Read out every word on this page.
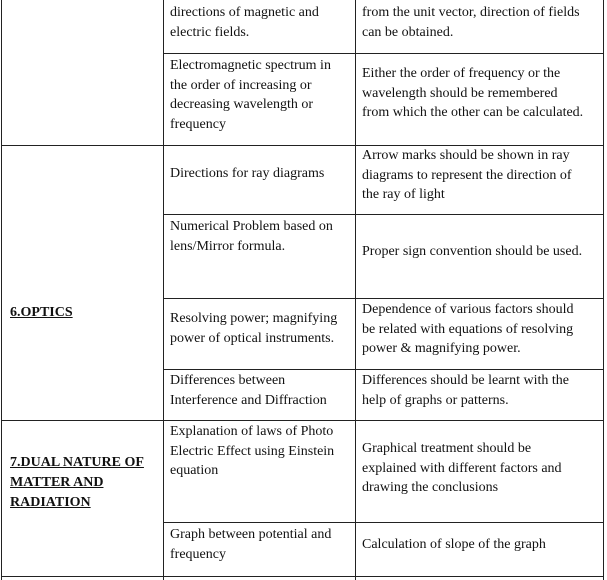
6.OPTICS
7.DUAL NATURE OF
MATTER AND
RADIATION
directions of magnetic and
electric fields.
from the unit vector, direction of fields
can be obtained.
Electromagnetic spectrum in
the order of increasing or
decreasing wavelength or
frequency
Either the order of frequency or the
wavelength should be remembered
from which the other can be calculated.
Directions for ray diagrams
Arrow marks should be shown in ray
diagrams to represent the direction of
the ray of light
Numerical Problem based on
lens/Mirror formula.	Proper sign convention should be used.
Resolving power; magnifying
power of optical instruments.
Dependence of various factors should
be related with equations of resolving
power & magnifying power.
Differences between
Interference and Diffraction
Differences should be learnt with the
help of graphs or patterns.
Explanation of laws of Photo
Electric Effect using Einstein
equation
Graphical treatment should be
explained with different factors and
drawing the conclusions
Graph between potential and
frequency
Calculation of slope of the graph
